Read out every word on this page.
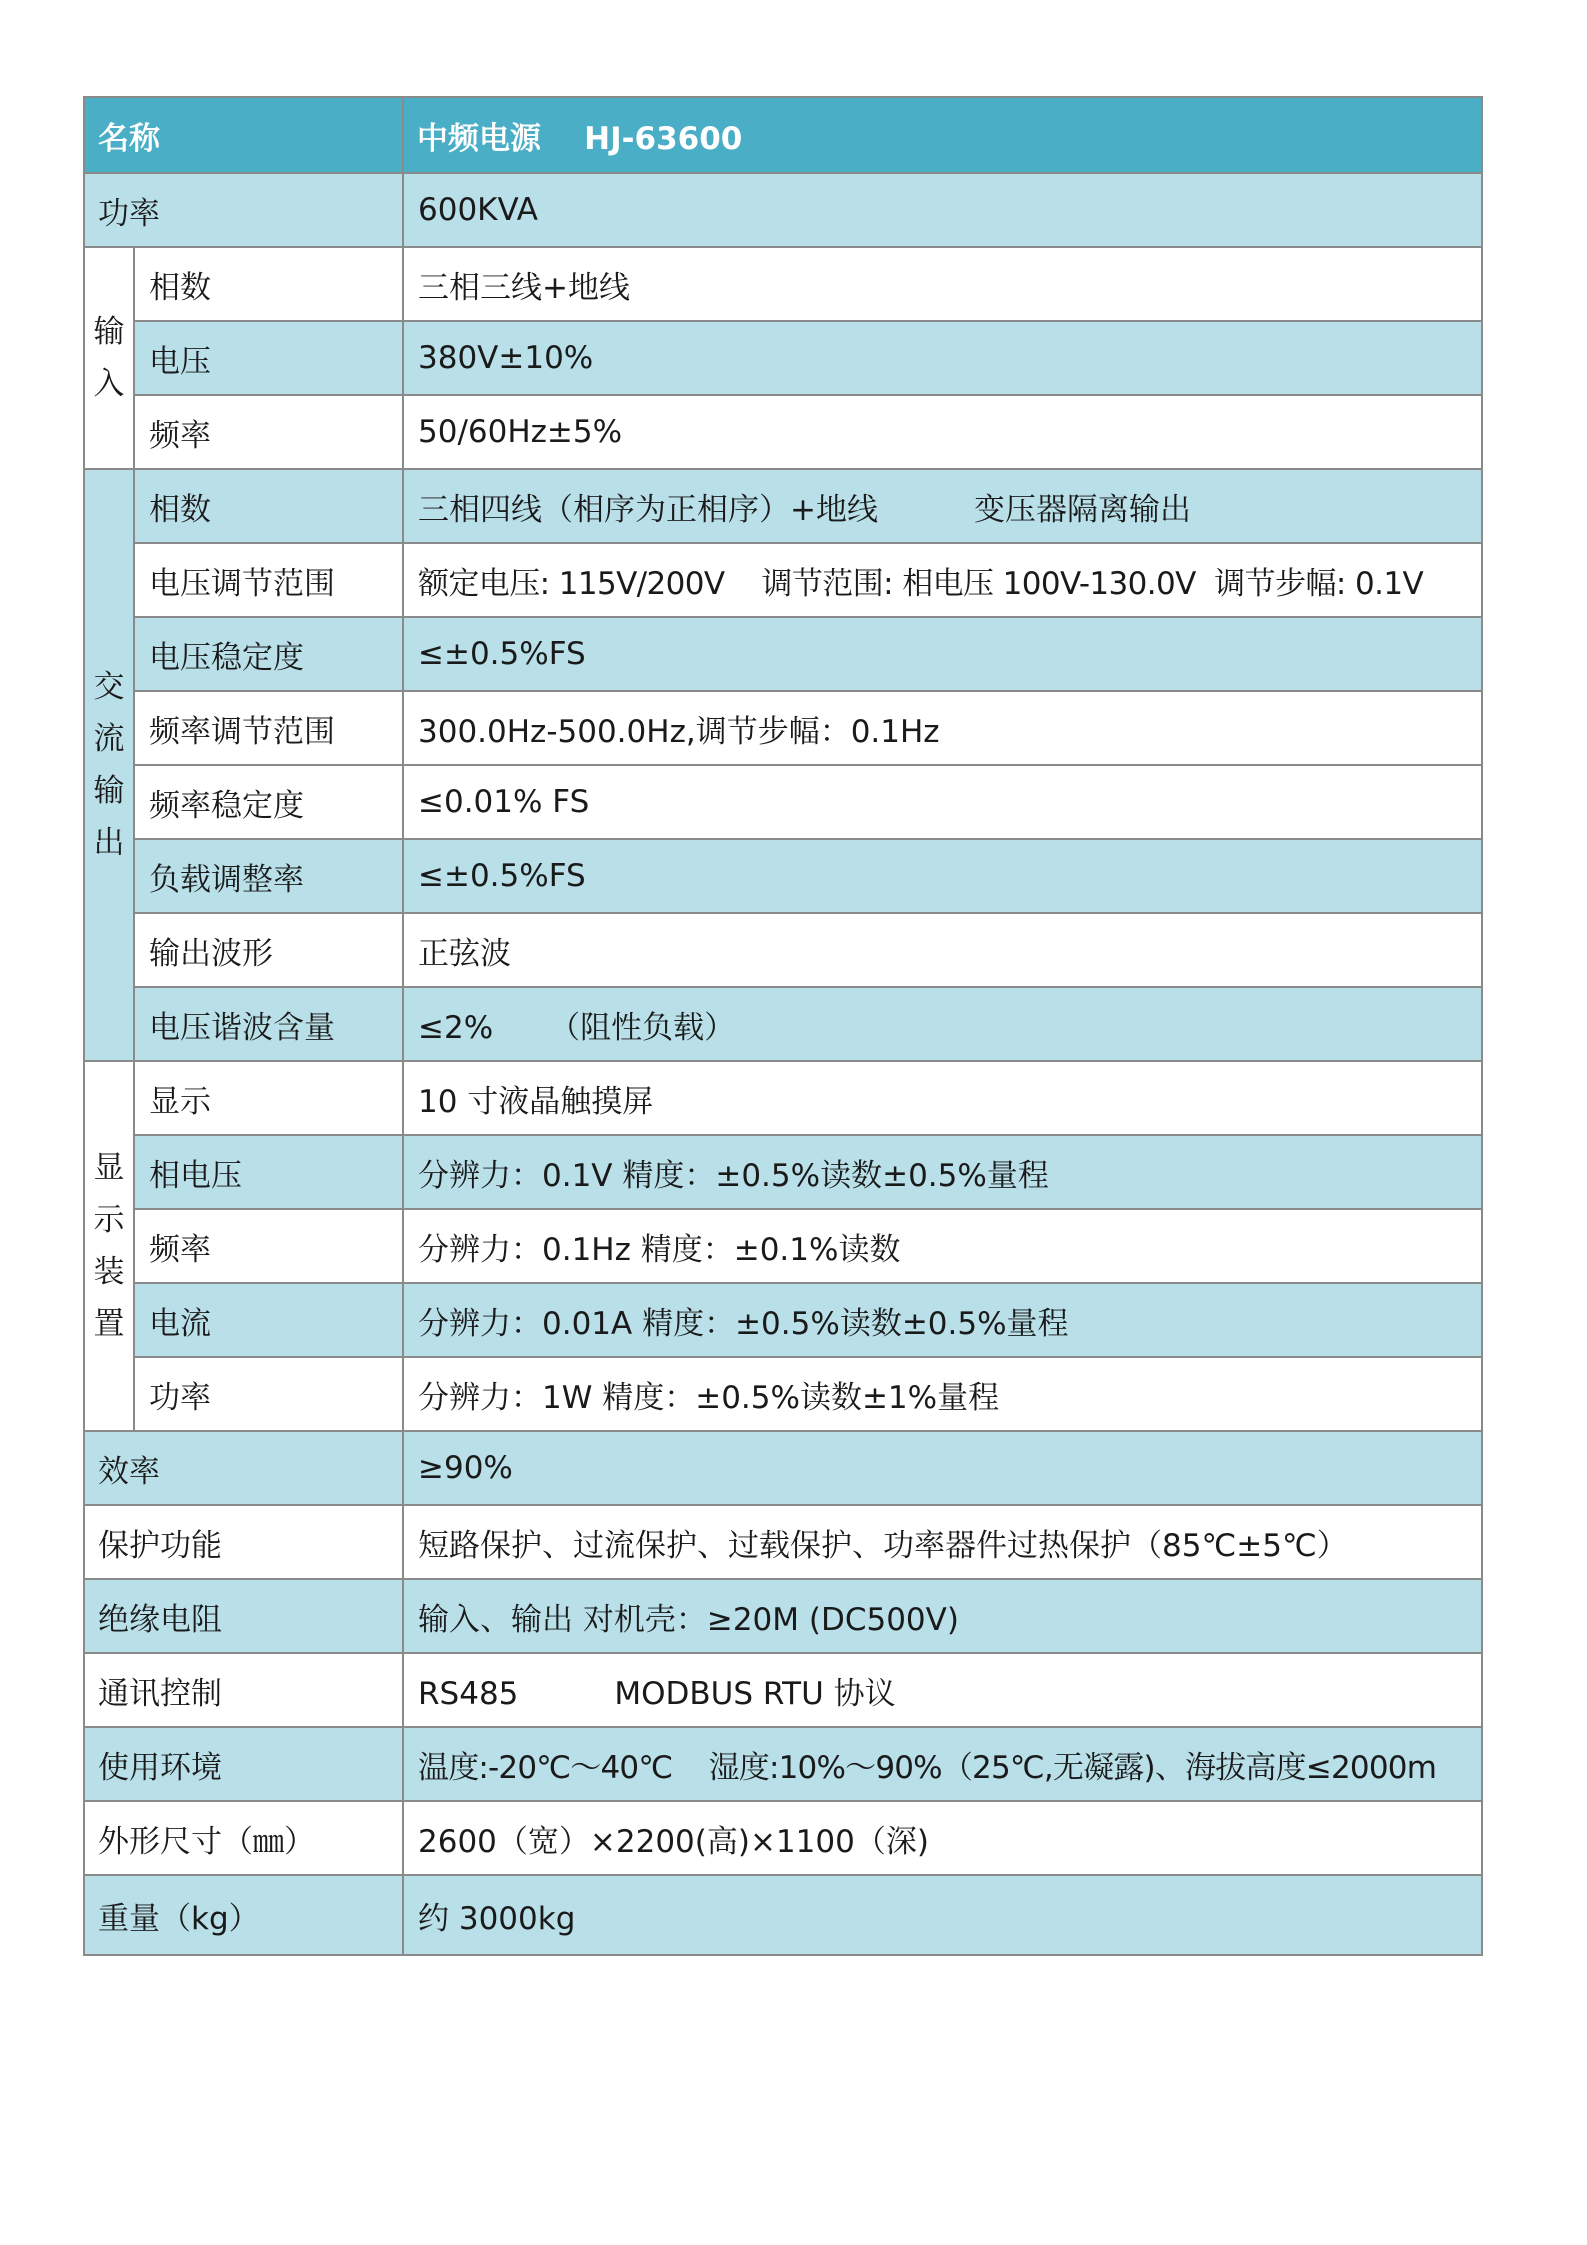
名称		中频电源    HJ-63600
功率		600KVA
输入	相数	三相三线+地线
	电压	380V±10%
	频率	50/60Hz±5%
交流输出	相数	三相四线（相序为正相序）+地线 变压器隔离输出
	电压调节范围	额定电压: 115V/200V    调节范围: 相电压 100V-130.0V  调节步幅: 0.1V
	电压稳定度	≤±0.5%FS
	频率调节范围	300.0Hz-500.0Hz,调节步幅：0.1Hz
	频率稳定度	≤0.01% FS
	负载调整率	≤±0.5%FS
	输出波形	正弦波
	电压谐波含量	≤2% （阻性负载）
显示装置	显示	10 寸液晶触摸屏
	相电压	分辨力：0.1V 精度：±0.5%读数±0.5%量程
	频率	分辨力：0.1Hz 精度：±0.1%读数
	电流	分辨力：0.01A 精度：±0.5%读数±0.5%量程
	功率	分辨力：1W 精度：±0.5%读数±1%量程
效率		≥90%
保护功能		短路保护、过流保护、过载保护、功率器件过热保护（85℃±5℃）
绝缘电阻		输入、输出 对机壳：≥20M (DC500V)
通讯控制		RS485 MODBUS RTU 协议
使用环境		温度:-20℃～40℃    湿度:10%～90%（25℃,无凝露)、海拔高度≤2000m
外形尺寸（㎜）		2600（宽）×2200(高)×1100（深)
重量（kg）		约 3000kg
